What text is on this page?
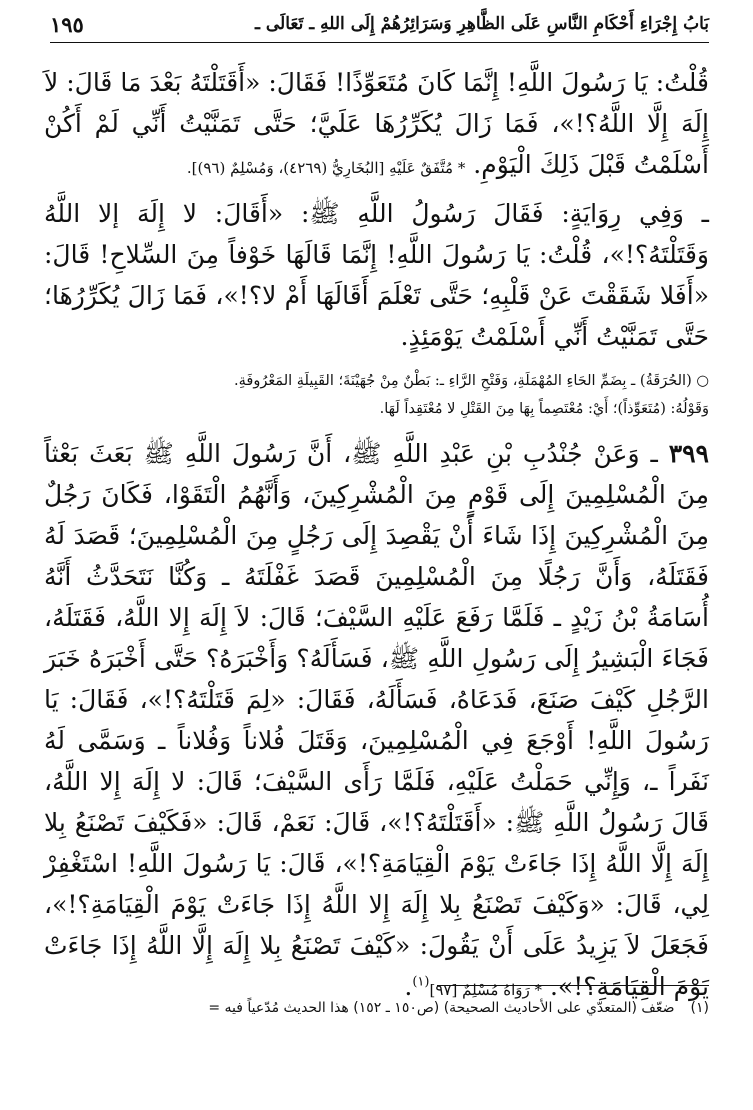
بَابُ إِجْرَاءِ أَحْكَامِ النَّاسِ عَلَى الظَّاهِرِ وَسَرَائِرُهُمْ إِلَى اللهِ ـ تَعَالَى ـ
١٩٥

قُلْتُ: يَا رَسُولَ اللَّهِ! إِنَّمَا كَانَ مُتَعَوِّذًا! فَقَالَ: «أَقَتَلْتَهُ بَعْدَ مَا قَالَ: لاَ إِلَهَ إِلَّا اللَّهُ؟!»، فَمَا زَالَ يُكَرِّرُهَا عَلَيَّ؛ حَتَّى تَمَنَّيْتُ أَنِّي لَمْ أَكُنْ أَسْلَمْتُ قَبْلَ ذَلِكَ الْيَوْمِ. * مُتَّفَقٌ عَلَيْهِ [البُخَارِيُّ (٤٢٦٩)، وَمُسْلِمٌ (٩٦)].

ـ وَفِي رِوَايَةٍ: فَقَالَ رَسُولُ اللَّهِ ﷺ: «أَقَالَ: لا إِلَهَ إلا اللَّهُ وَقَتَلْتَهُ؟!»، قُلْتُ: يَا رَسُولَ اللَّهِ! إِنَّمَا قَالَهَا خَوْفاً مِنَ السِّلاحِ! قَالَ: «أَفَلا شَقَقْتَ عَنْ قَلْبِهِ؛ حَتَّى تَعْلَمَ أَقَالَهَا أَمْ لا؟!»، فَمَا زَالَ يُكَرِّرُهَا؛ حَتَّى تَمَنَّيْتُ أَنِّي أَسْلَمْتُ يَوْمَئِذٍ.

○ (الحُرَقَةُ) ـ بِضَمِّ الحَاءِ المُهْمَلَةِ، وَفَتْحِ الرَّاءِ ـ: بَطْنٌ مِنْ جُهَيْنَةَ؛ القَبِيلَةِ المَعْرُوفَةِ.

وَقَوْلُهُ: (مُتَعَوِّذاً)؛ أَيْ: مُعْتَصِماً بِهَا مِنَ القَتْلِ لا مُعْتَقِداً لَهَا.

٣٩٩ ـ وَعَنْ جُنْدُبِ بْنِ عَبْدِ اللَّهِ ﷺ، أَنَّ رَسُولَ اللَّهِ ﷺ بَعَثَ بَعْثاً مِنَ الْمُسْلِمِينَ إِلَى قَوْمٍ مِنَ الْمُشْرِكِينَ، وَأَنَّهُمُ الْتَقَوْا، فَكَانَ رَجُلٌ مِنَ الْمُشْرِكِينَ إِذَا شَاءَ أَنْ يَقْصِدَ إِلَى رَجُلٍ مِنَ الْمُسْلِمِينَ؛ قَصَدَ لَهُ فَقَتَلَهُ، وَأَنَّ رَجُلًا مِنَ الْمُسْلِمِينَ قَصَدَ غَفْلَتَهُ ـ وَكُنَّا نَتَحَدَّثُ أَنَّهُ أُسَامَةُ بْنُ زَيْدٍ ـ فَلَمَّا رَفَعَ عَلَيْهِ السَّيْفَ؛ قَالَ: لاَ إِلَهَ إِلا اللَّهُ، فَقَتَلَهُ، فَجَاءَ الْبَشِيرُ إِلَى رَسُولِ اللَّهِ ﷺ، فَسَأَلَهُ؟ وَأَخْبَرَهُ؟ حَتَّى أَخْبَرَهُ خَبَرَ الرَّجُلِ كَيْفَ صَنَعَ، فَدَعَاهُ، فَسَأَلَهُ، فَقَالَ: «لِمَ قَتَلْتَهُ؟!»، فَقَالَ: يَا رَسُولَ اللَّهِ! أَوْجَعَ فِي الْمُسْلِمِينَ، وَقَتَلَ فُلاناً وَفُلاناً ـ وَسَمَّى لَهُ نَفَراً ـ، وَإِنِّي حَمَلْتُ عَلَيْهِ، فَلَمَّا رَأَى السَّيْفَ؛ قَالَ: لا إِلَهَ إِلا اللَّهُ، قَالَ رَسُولُ اللَّهِ ﷺ: «أَقَتَلْتَهُ؟!»، قَالَ: نَعَمْ، قَالَ: «فَكَيْفَ تَصْنَعُ بِلا إِلَهَ إِلَّا اللَّهُ إِذَا جَاءَتْ يَوْمَ الْقِيَامَةِ؟!»، قَالَ: يَا رَسُولَ اللَّهِ! اسْتَغْفِرْ لِي، قَالَ: «وَكَيْفَ تَصْنَعُ بِلا إِلَهَ إِلا اللَّهُ إِذَا جَاءَتْ يَوْمَ الْقِيَامَةِ؟!»، فَجَعَلَ لاَ يَزِيدُ عَلَى أَنْ يَقُولَ: «كَيْفَ تَصْنَعُ بِلا إِلَهَ إِلَّا اللَّهُ إِذَا جَاءَتْ يَوْمَ الْقِيَامَةِ؟!». * رَوَاهُ مُسْلِمٌ [٩٧]$^{(١)}$.

(١)ضعّف (المتعدّي على الأحاديث الصحيحة) (ص١٥٠ ـ ١٥٢) هذا الحديث مُدّعياً فيه =
